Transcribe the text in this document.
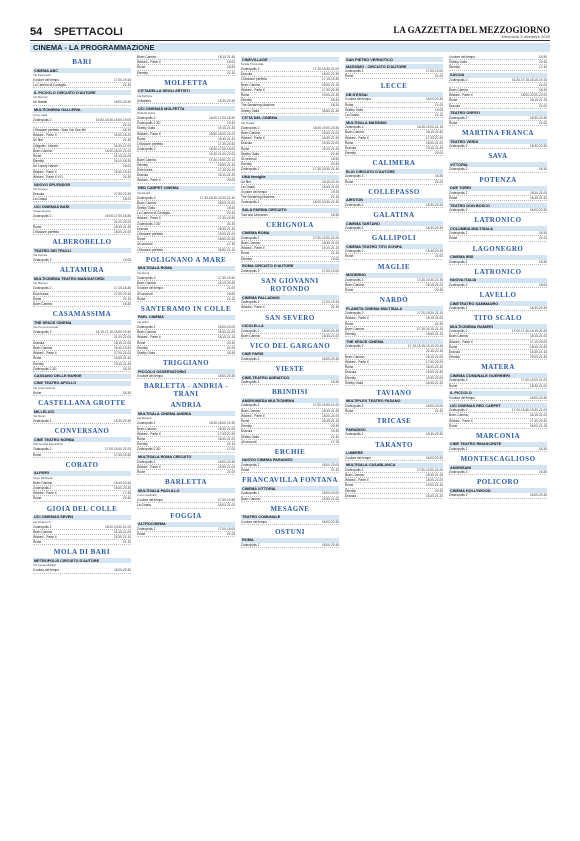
54 SPETTACOLI	LA GAZZETTA DEL MEZZOGIORNO
Mercoledì 3 dicembre 2025
CINEMA - LA PROGRAMMAZIONE
BARI
CINEMA ABC
Via Pavoncelli
Il colore del tempo	17.00-19.15
La Camera di Consiglio	21.30
IL PICCOLO CIRCUITO D'AUTORE
Via Marconi
Un Natale	18.00-20.30
MULTICINEMA GALLERIA
Corso Italia
Zootropolis 2	15.50-16.40-18.00-19.00
21.00
L'Illusione perfetta - Now You See Me	18.30
Wicked - Parte II	16.00-18.20
Un film	21.30
Il Bigotto - Marcel	16.30-17.00
Buen Camino	16.00-18.20-21.00
Ruine	18.15-21.00
Eternity	16.10-18.30
Un Lonely Harriet	16.00
Wicked - Parte II	18.40-19.10
Wicked - Parte II V.O.	21.30
NUOVO SPLENDOR
Via Verrone
Dracula	17.30-20.30
La Grazia	18.00
UCI CINEMAS BARI
Casamassima
Zootropolis 2	16.00-17.00-18.30
21.00-22.00
Ruine	18.30-21.30
L'Illusione perfetta	18.00-21.00
ALBEROBELLO
TEATRO DEI TRULLI
Via Lippolis
Zootropolis 2	19.00
ALTAMURA
MULTICINEMA TEATRO MANGIATORDI
Via Marconi
Zootropolis 2	17.15-18.30
Diva futura	17.00-19.15
Ruine	21.15
Buen Camino	18.30
CASAMASSIMA
THE SPACE CINEMA
Centro commerciale
Zootropolis 2	16.15-17.15-18.00-19.40
21.00-22.00
Dracula	18.10-21.00
Buen Camino	16.40-19.20
Wicked - Parte II	17.00-21.00
Ruine	18.30-21.40
Eternity	19.10-21.45
Zootropolis 2 3D	18.20
CASSANO DELLE MURGE
CINE TEATRO APOLLO
Via Luigi Cadorna
Ruine	18.30
CASTELLANA GROTTE
MILLELUCI
Via Rosso
Zootropolis 2	18.30-20.30
CONVERSANO
CINE TEATRO NORBA
Piazza della Repubblica
Zootropolis 2	17.00-19.00-21.00
Ruine	17.30-19.30
CORATO
ALFIERI
Largo Plebiscito
Buen Camino	18.40-20.30
Zootropolis 2	18.00-20.30
Wicked - Parte II	17.45
Ruine	20.40
GIOIA DEL COLLE
UCI CINEMAS SEVEN
Via Federico II
Zootropolis 2	18.00-19.30-21.00
Buen Camino	18.15-21.00
Wicked - Parte II	18.30-21.10
Ruine	21.30
MOLA DI BARI
METROPOLIS CIRCUITO D'AUTORE
Via Cesare Battisti
Il colore del tempo	18.00-20.30
Buen Camino	18.10-21.45
Wicked - Parte II	18.00
Ruine	18.50
Eternity	21.10
MOLFETTA
CITTADELLA DEGLI ARTISTI
Via Dell'Arte
Il Maestro	18.30-20.30
UCI CINEMAS MOLFETTA
Molfetta Outlet
Zootropolis 2	16.00-17.00-18.30
Zootropolis 2 3D	19.40
Shelby Oaks	19.15-21.45
Wicked - Parte II	16.50-18.00-21.00
Ruine	18.30-21.10
L'Illusione perfetta	17.30-20.40
Zootropolis 2	16.00-17.00-18.00
19.30-21.00-22.00
Buen Camino	17.20-19.50-22.10
Eternity	18.50-21.30
Diva futura	17.40-20.10
Dracula	18.10-21.20
Wicked - Parte II	20.00
RED CARPET CINEMA
Via Fanelli
Zootropolis 2	17.30-18.30-19.30-21.40
Buen Camino	18.00-21.00
Shelby Oaks	18.40
La Camera di Consiglio	20.40
Wicked - Parte II	17.30-19.30
Zootropolis 2 3D	21.30
Dracula	18.30-21.30
L'Illusione perfetta	19.00-21.00
Ruine	18.00-20.30
40 secondi	17.30
L'Illusione perfetta	18.50-21.10
POLIGNANO A MARE
MULTISALA ROMA
Via Roma
Zootropolis 2	17.30-19.40
Buen Camino	18.10-20.30
Il colore del tempo	21.00
40 secondi	18.50
Ruine	21.15
SANTERAMO IN COLLE
PAEL CINEMA
Via Alfieri
Zootropolis 2	18.00-20.00
Buen Camino	18.30-21.00
Wicked - Parte II	18.15-21.15
Ruine	20.30
Eternity	21.00
Shelby Oaks	18.45
TRIGGIANO
PICCOLO OSSERVATORIO
Il colore del tempo	18.00-20.30
BARLETTA - ANDRIA - TRANI
ANDRIA
MULTISALA CINEMA ANDRIA
Via Barletta
Zootropolis 2	16.30-18.00-19.30
Buen Camino	18.30-21.00
Wicked - Parte II	17.00-20.30
Ruine	18.30-21.00
Eternity	21.10
Zootropolis 2 3D	17.00
MULTISALA ROMA CIRCUITO
Zootropolis 2	18.00-20.30
Wicked - Parte II	18.30-21.00
Ruine	21.00
BARLETTA
MULTISALA PAOLILLO
Corso Garibaldi
Il colore del tempo	17.30-19.30
La Grazia	18.00-21.00
FOGGIA
ALTROCINEMA
Zootropolis 2	17.00-19.00
Ruine	21.00
CINEVILLAGE
Strada Provinciale
Zootropolis 2	17.30-18.30-21.00
Dracula	18.00-21.30
L'Illusione perfetta	17.15-19.30
Buen Camino	18.00-21.15
Wicked - Parte II	17.30-20.30
Ruine	19.00-21.45
Eternity	18.30
The Smashing Machine	18.30
Shelby Oaks	18.50-21.30
CITTA DEL CINEMA
Via Fratelli
Zootropolis 2	18.00-19.00-20.30
Buen Camino	18.40-21.00
Wicked - Parte II	18.30-21.30
Dracula	19.30-22.00
Ruine	18.20-21.20
Shelby Oaks	21.40
40 secondi	18.50
Eternity	20.30
Zootropolis 2	17.30-19.30-21.40
UNA famiglia
Un film	18.15-20.10
La Grazia	18.40-21.00
Il colore del tempo	19.30
The Smashing Machine	21.15
Zootropolis 2	18.00-19.30-21.30
SALA FARINA CIRCUITO
Tout and Unknown	18.30
CERIGNOLA
CINEMA ROMA
Zootropolis 2	17.00-19.00-21.00
Buen Camino	18.30-21.00
Wicked - Parte II	19.10-21.10
Ruine	21.30
Eternity	19.00
ROMA CIRCUITO D'AUTORE
Zootropolis 2	17.00-19.00
SAN GIOVANNI ROTONDO
CINEMA PALLADINO
Zootropolis 2	17.00-19.15
Wicked - Parte II	21.30
SAN SEVERO
CICOLELLA
Zootropolis 2	18.00-20.30
Buen Camino	18.30-21.00
VICO DEL GARGANO
CINE PARIS
Zootropolis 2	18.00-20.30
VIESTE
CINE-TEATRO ADRIATICO
Zootropolis 2	18.30
BRINDISI
ANDROMEDA MULTICINEMA
Zootropolis 2	17.00-19.00-21.00
Buen Camino	18.30-21.30
Wicked - Parte II	18.00-21.00
Ruine	18.45-21.15
Eternity	20.30
Dracula	19.30
Shelby Oaks	21.40
40 secondi	17.15
ERCHIE
NUOVO CINEMA PARADISO
Zootropolis 2	18.00-20.00
Ruine	21.30
FRANCAVILLA FONTANA
CINEMA VITTORIA
Zootropolis 2	18.00-20.00
Buen Camino	18.30-21.00
MESAGNE
TEATRO COMUNALE
Il colore del tempo	18.00-20.30
OSTUNI
ROMA
Zootropolis 2	18.00-20.30
SAN PIETRO VERNOTICO
MASSIMO - CIRCUITO D'AUTORE
Zootropolis 2	17.00-19.00
Ruine	21.00
LECCE
DB D'ESSAI
Il colore del tempo	18.00-20.30
Ruine	21.00
Shelby Oaks	19.00
La Grazia	21.15
MULTISALA MASSIMO
Zootropolis 2	16.45-19.00-21.15
Buen Camino	18.15-20.40
Wicked - Parte II	17.30-20.30
Ruine	18.00-21.00
Dracula	19.15-21.45
Eternity	20.00
CALIMERA
ELIO CIRCUITO D'AUTORE
Zootropolis 2	18.30
Ruine	21.00
COLLEPASSO
AIRSTON
Zootropolis 2	18.30-20.30
GALATINA
CINEMA TARTARO
Zootropolis 2	18.30-20.30
GALLIPOLI
CINEMA TEATRO TITO SCHIPA
Zootropolis 2	18.30-20.30
Ruine	21.00
MAGLIE
MODERNO
Zootropolis 2	17.30-19.30-21.30
Buen Camino	18.15-21.00
Ruine	20.45
NARDÒ
PLANETA CINEMA MULTISALA
Zootropolis 2	17.20-19.20-21.20
Wicked - Parte II	18.15-21.00
Ruine	21.30
Buen Camino	17.15-19.15-21.15
Eternity	18.50-21.10
THE SPACE CINEMA
Zootropolis 2	17.15-18.15-19.15-20.15
21.15-22.15
Buen Camino	18.10-21.00
Wicked - Parte II	17.00-20.20
Ruine	18.30-21.30
Dracula	19.00-21.50
Eternity	19.30-22.00
Shelby Oaks	18.40-21.20
TAVIANO
MULTIPLEX TEATRO FASANO
Zootropolis 2	18.00-20.00
Ruine	21.30
TRICASE
PARADISO
Zootropolis 2	18.30-20.30
TARANTO
LUMIERE
Il colore del tempo	18.00-20.30
MULTISALA CASABLANCA
Zootropolis 2	17.00-19.00-21.00
Buen Camino	18.30-21.15
Wicked - Parte II	18.00-21.00
Ruine	19.00-21.30
Eternity	20.30
Dracula	18.40-21.20
Il colore del tempo	15.50
Shelby Oaks	22.40
Eternity	17.40
SAVOIA
Zootropolis 2	16.30-17.15-18.15-19.15
21.00
Buen Camino	18.30
Wicked - Parte II	18.00-20.00-22.00
Ruine	18.15-21.15
Dracula	21.00
TEATRO ORFEO
Zootropolis 2	18.30-20.30
Ruine	21.00
MARTINA FRANCA
TEATRO VERDI
Zootropolis 2	18.30-20.30
SAVA
VITTORIA
Zootropolis 2	18.30
POTENZA
DUE TORRI
Zootropolis 2	18.00-21.00
Ruine	18.30-21.30
TEATRO DON BOSCO
Zootropolis 2	18.00-20.30
LATRONICO
COLUMBIA MULTISALA
Zootropolis 2	18.30
Ruine	21.00
LAGONEGRO
CINEMA IRIS
Zootropolis 2	18.30
LATRONICO
NUOVA ITALIA
Zootropolis 2	18.00
LAVELLO
CINETEATRO SAMMAURO
Zootropolis 2	18.30-20.30
TITO SCALO
MULTICINEMA RANIERI
Zootropolis 2	17.00-17.45-19.15-20.30
Buen Camino	18.15-21.00
Wicked - Parte II	17.15-20.00
Ruine	18.00-20.45
Dracula	18.30-21.15
Eternity	19.00-21.30
MATERA
CINEMA COMUNALE GUERRIERI
Zootropolis 2	17.00-19.00-21.00
Ruine	18.30-21.00
IL PICCOLO
Il colore del tempo	18.00-20.30
UCI CINEMAS RED CARPET
Zootropolis 2	17.00-18.30-19.30-21.00
Buen Camino	18.15-21.00
Wicked - Parte II	17.30-20.30
Ruine	18.00-21.15
MARCONIA
CINE TEATRO RINASCENTE
Zootropolis 2	18.30
MONTESCAGLIOSO
ANDRISANI
Zootropolis 2	18.30
POLICORO
CINEMA HOLLYWOOD
Zootropolis 2	18.00-20.30
